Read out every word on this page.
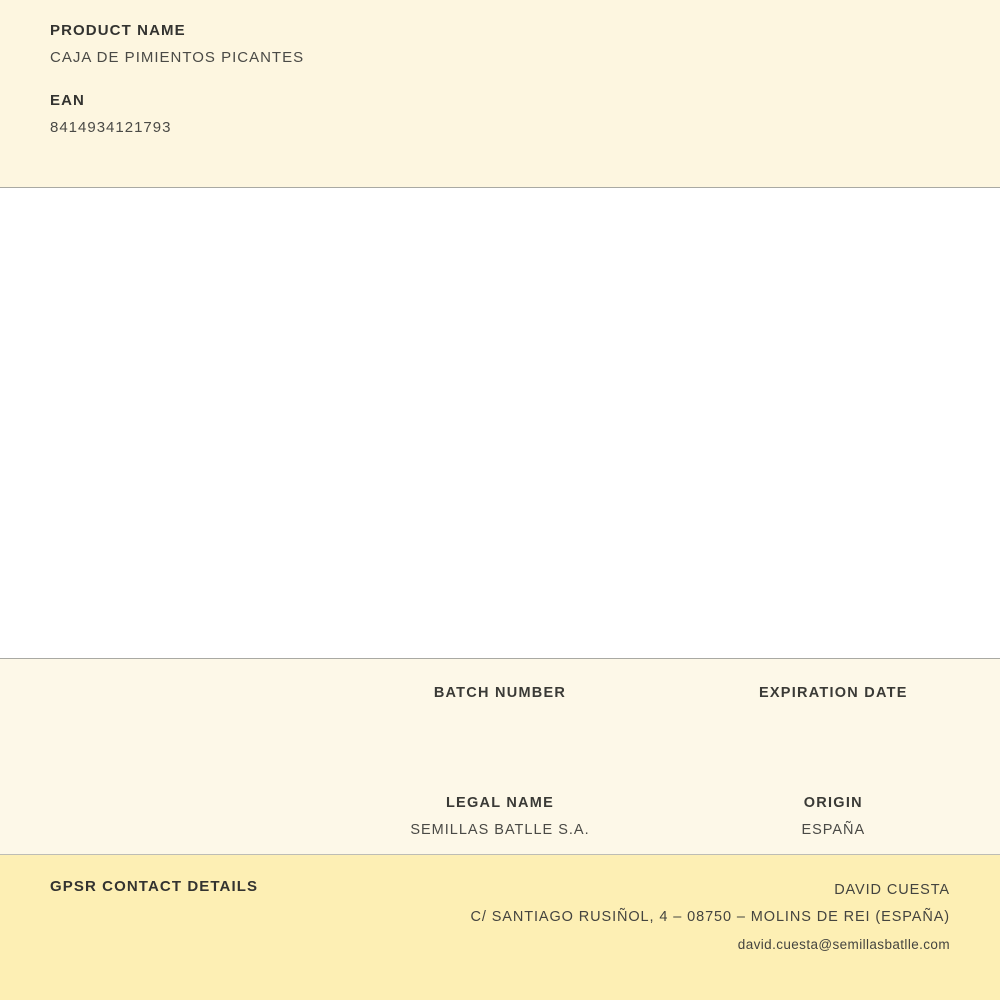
PRODUCT NAME
CAJA DE PIMIENTOS PICANTES
EAN
8414934121793
BATCH NUMBER	EXPIRATION DATE
LEGAL NAME
SEMILLAS BATLLE S.A.
ORIGIN
ESPAÑA
GPSR CONTACT DETAILS	DAVID CUESTA
C/ SANTIAGO RUSIÑOL, 4 – 08750 – MOLINS DE REI (ESPAÑA)
david.cuesta@semillasbatlle.com
